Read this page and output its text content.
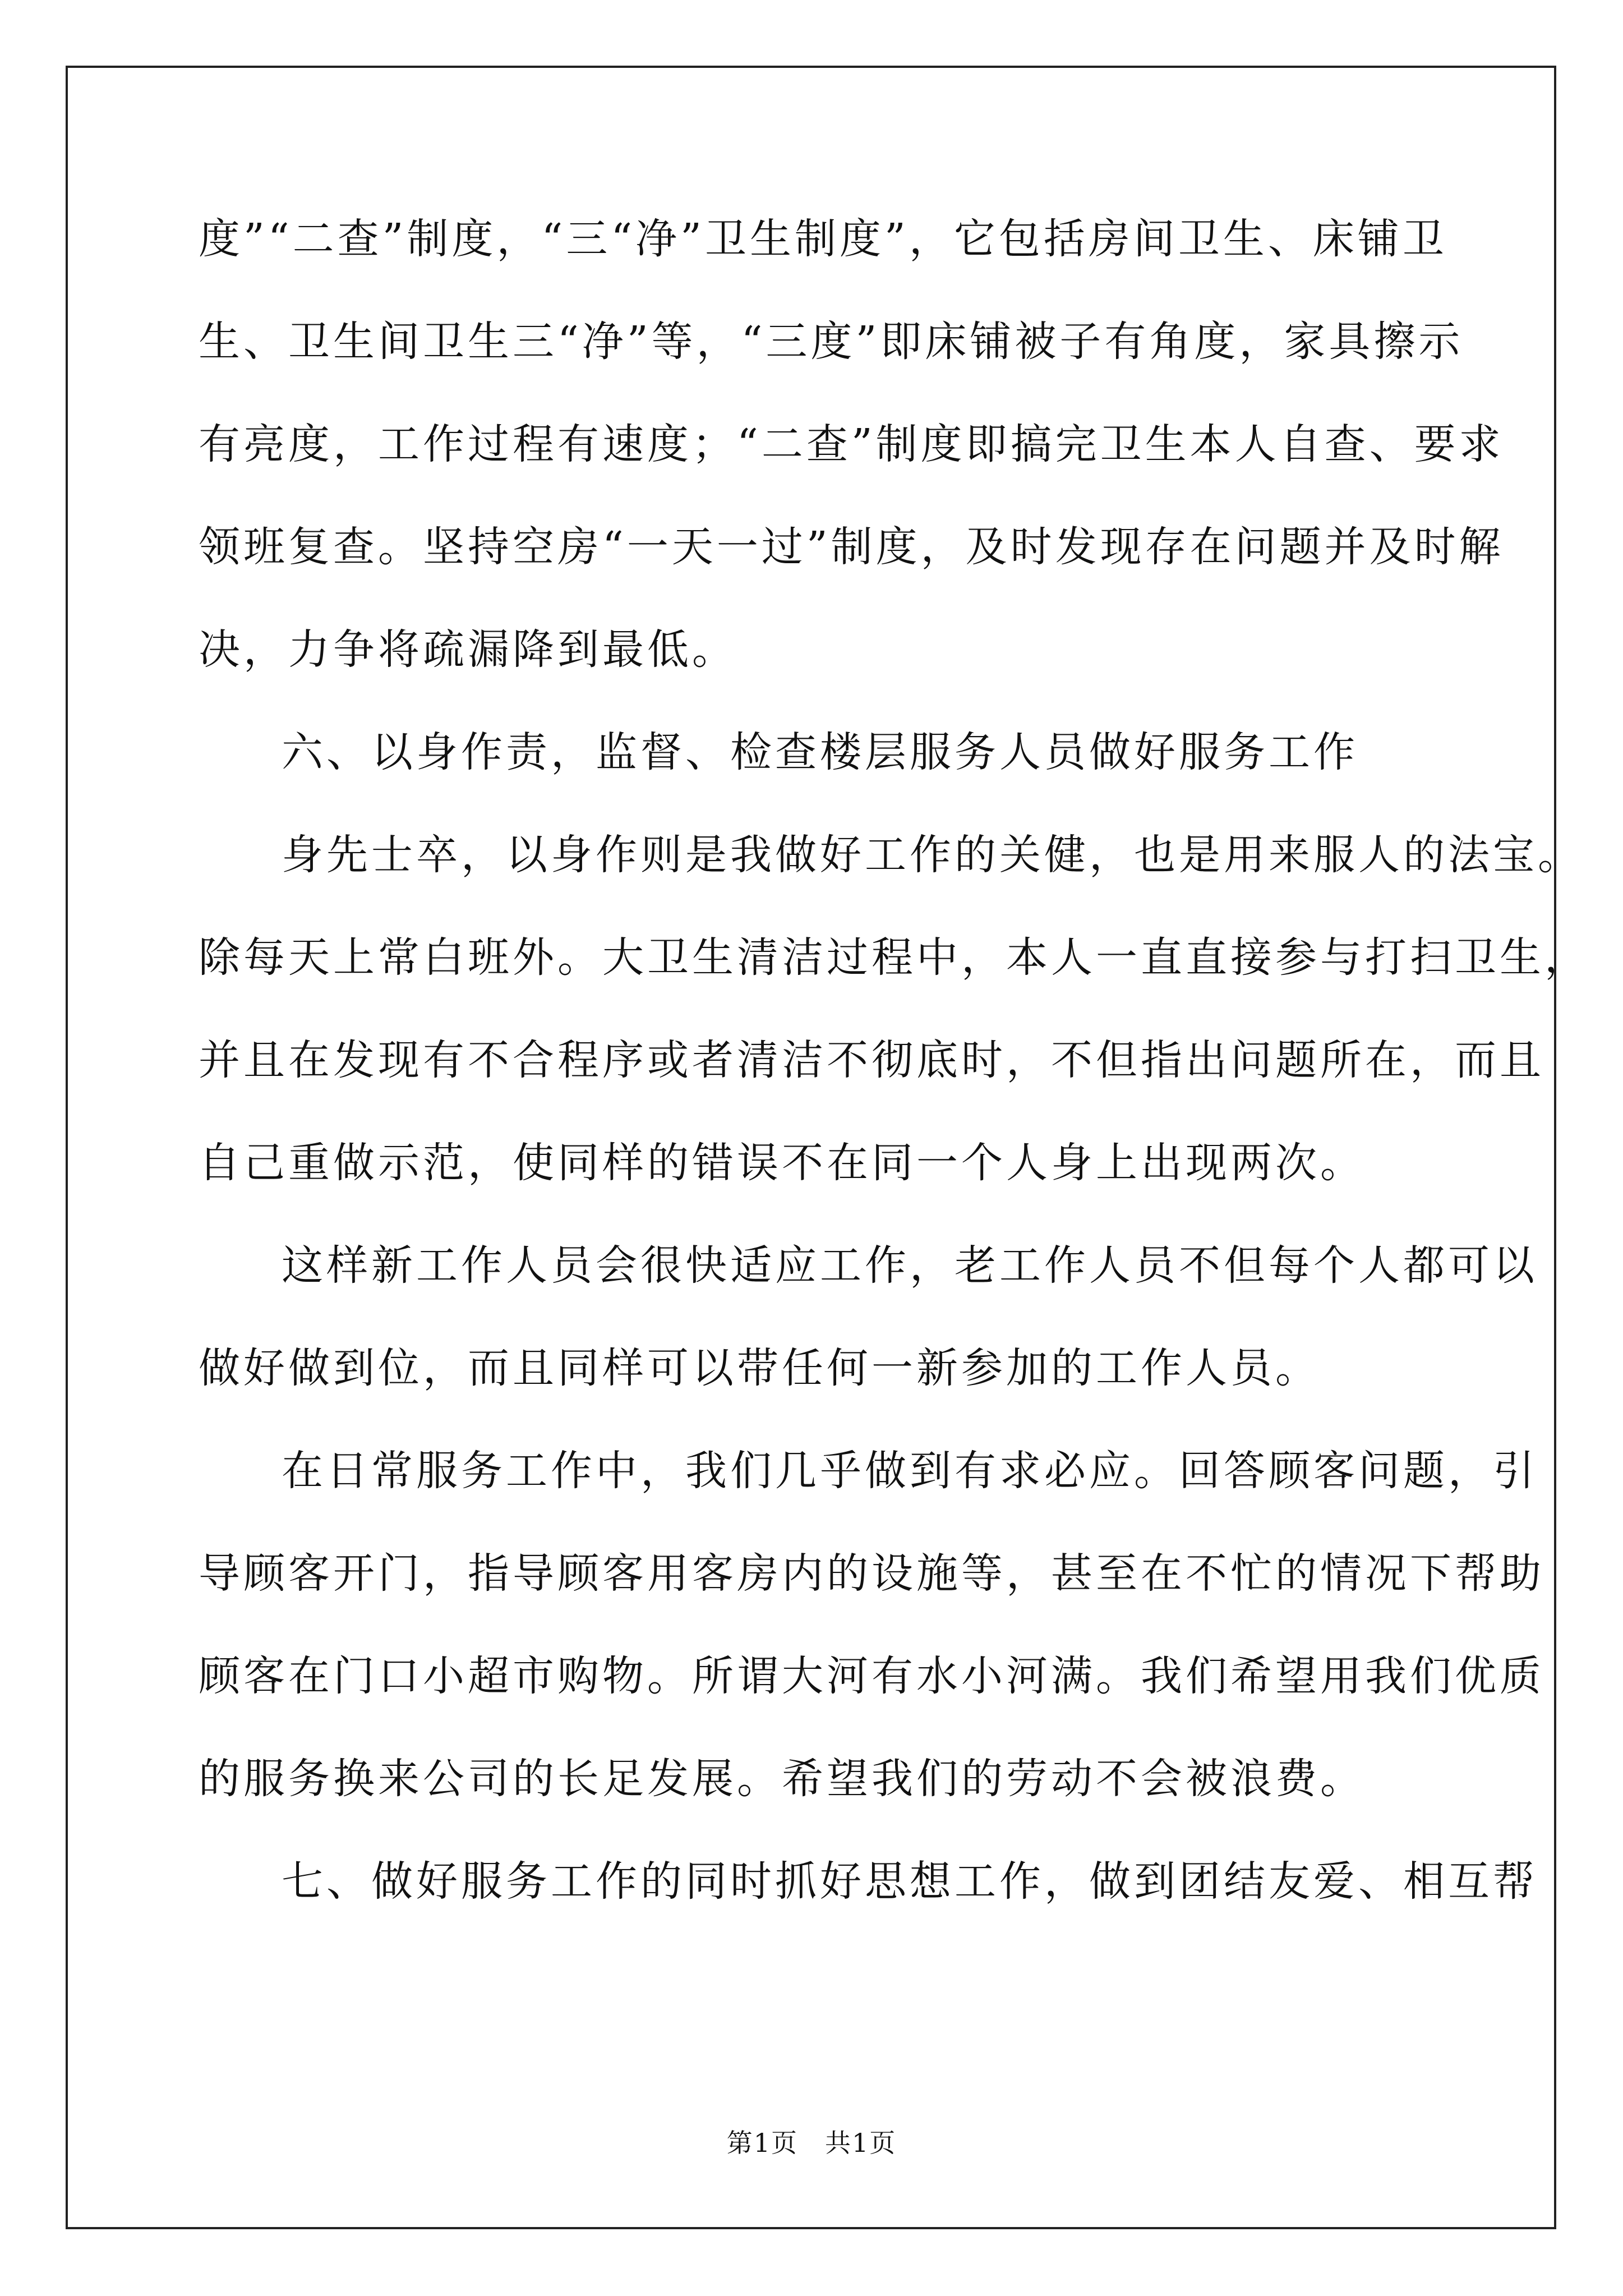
度”“二查”制度，“三“净”卫生制度”，它包括房间卫生、床铺卫
生、卫生间卫生三“净”等，“三度”即床铺被子有角度，家具擦示
有亮度，工作过程有速度；“二查”制度即搞完卫生本人自查、要求
领班复查。坚持空房“一天一过”制度，及时发现存在问题并及时解
决，力争将疏漏降到最低。
六、以身作责，监督、检查楼层服务人员做好服务工作
身先士卒，以身作则是我做好工作的关健，也是用来服人的法宝。
除每天上常白班外。大卫生清洁过程中，本人一直直接参与打扫卫生，
并且在发现有不合程序或者清洁不彻底时，不但指出问题所在，而且
自己重做示范，使同样的错误不在同一个人身上出现两次。
这样新工作人员会很快适应工作，老工作人员不但每个人都可以
做好做到位，而且同样可以带任何一新参加的工作人员。
在日常服务工作中，我们几乎做到有求必应。回答顾客问题，引
导顾客开门，指导顾客用客房内的设施等，甚至在不忙的情况下帮助
顾客在门口小超市购物。所谓大河有水小河满。我们希望用我们优质
的服务换来公司的长足发展。希望我们的劳动不会被浪费。
七、做好服务工作的同时抓好思想工作，做到团结友爱、相互帮
第1页　共1页
